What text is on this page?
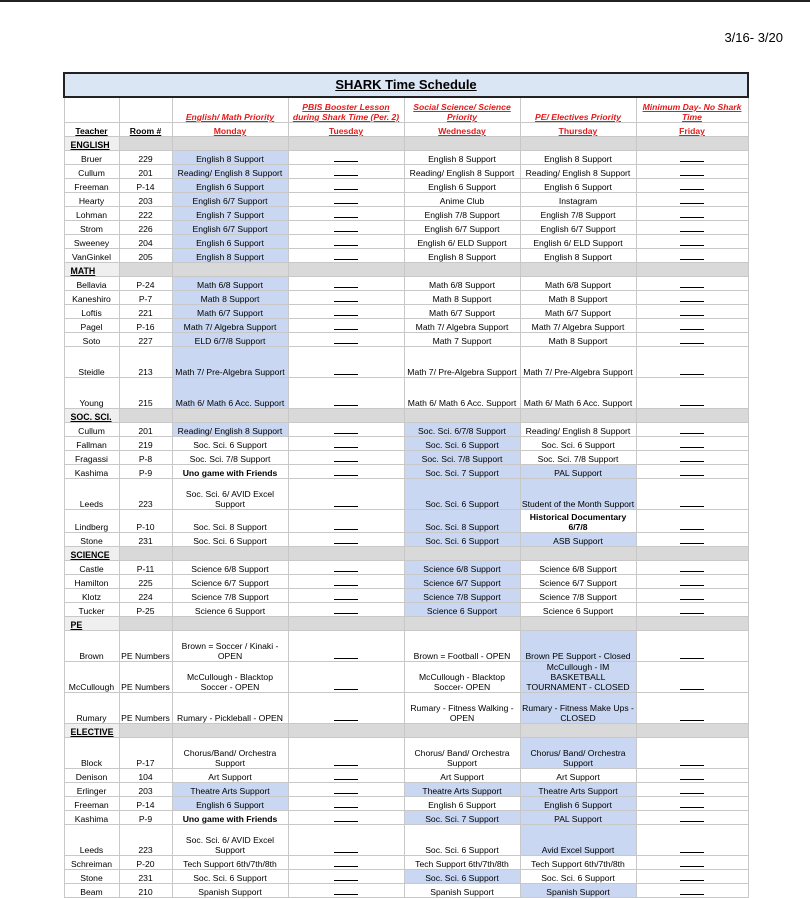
3/16- 3/20
SHARK Time Schedule						
		English/ Math Priority	PBIS Booster Lesson during Shark Time (Per. 2)	Social Science/ Science Priority	PE/ Electives Priority	Minimum Day- No Shark Time
Teacher	Room #	Monday	Tuesday	Wednesday	Thursday	Friday
ENGLISH						
Bruer	229	English 8 Support		English 8 Support	English 8 Support	
Cullum	201	Reading/ English 8 Support		Reading/ English 8 Support	Reading/ English 8 Support	
Freeman	P-14	English 6 Support		English 6 Support	English 6 Support	
Hearty	203	English 6/7 Support		Anime Club	Instagram	
Lohman	222	English 7 Support		English 7/8 Support	English 7/8 Support	
Strom	226	English 6/7 Support		English 6/7 Support	English 6/7 Support	
Sweeney	204	English 6 Support		English 6/ ELD Support	English 6/ ELD Support	
VanGinkel	205	English 8 Support		English 8 Support	English 8 Support	
MATH						
Bellavia	P-24	Math 6/8 Support		Math 6/8 Support	Math 6/8 Support	
Kaneshiro	P-7	Math 8 Support		Math 8 Support	Math 8 Support	
Loftis	221	Math 6/7 Support		Math 6/7 Support	Math 6/7 Support	
Pagel	P-16	Math 7/ Algebra Support		Math 7/ Algebra Support	Math 7/ Algebra Support	
Soto	227	ELD 6/7/8 Support		Math 7 Support	Math 8 Support	
Steidle	213	Math 7/ Pre-Algebra Support		Math 7/ Pre-Algebra Support	Math 7/ Pre-Algebra Support	
Young	215	Math 6/ Math 6 Acc. Support		Math 6/ Math 6 Acc. Support	Math 6/ Math 6 Acc. Support	
SOC. SCI.						
Cullum	201	Reading/ English 8 Support		Soc. Sci. 6/7/8 Support	Reading/ English 8 Support	
Fallman	219	Soc. Sci. 6 Support		Soc. Sci. 6 Support	Soc. Sci. 6 Support	
Fragassi	P-8	Soc. Sci. 7/8 Support		Soc. Sci. 7/8 Support	Soc. Sci. 7/8 Support	
Kashima	P-9	Uno game with Friends		Soc. Sci. 7 Support	PAL Support	
Leeds	223	Soc. Sci. 6/ AVID Excel Support		Soc. Sci. 6 Support	Student of the Month Support	
Lindberg	P-10	Soc. Sci. 8 Support		Soc. Sci. 8 Support	Historical Documentary 6/7/8	
Stone	231	Soc. Sci. 6 Support		Soc. Sci. 6 Support	ASB Support	
SCIENCE						
Castle	P-11	Science 6/8 Support		Science 6/8 Support	Science 6/8 Support	
Hamilton	225	Science 6/7 Support		Science 6/7 Support	Science 6/7 Support	
Klotz	224	Science 7/8 Support		Science 7/8 Support	Science 7/8 Support	
Tucker	P-25	Science 6 Support		Science 6 Support	Science 6 Support	
PE						
Brown	PE Numbers	Brown = Soccer / Kinaki - OPEN		Brown = Football - OPEN	Brown PE Support - Closed	
McCullough	PE Numbers	McCullough - Blacktop Soccer - OPEN		McCullough - Blacktop Soccer- OPEN	McCullough - IM BASKETBALL TOURNAMENT - CLOSED	
Rumary	PE Numbers	Rumary - Pickleball - OPEN		Rumary - Fitness Walking - OPEN	Rumary - Fitness Make Ups - CLOSED	
ELECTIVE						
Block	P-17	Chorus/Band/ Orchestra Support		Chorus/ Band/ Orchestra Support	Chorus/ Band/ Orchestra Support	
Denison	104	Art Support		Art Support	Art Support	
Erlinger	203	Theatre Arts Support		Theatre Arts Support	Theatre Arts Support	
Freeman	P-14	English 6 Support		English 6 Support	English 6 Support	
Kashima	P-9	Uno game with Friends		Soc. Sci. 7 Support	PAL Support	
Leeds	223	Soc. Sci. 6/ AVID Excel Support		Soc. Sci. 6 Support	Avid Excel Support	
Schreiman	P-20	Tech Support 6th/7th/8th		Tech Support 6th/7th/8th	Tech Support 6th/7th/8th	
Stone	231	Soc. Sci. 6 Support		Soc. Sci. 6 Support	Soc. Sci. 6 Support	
Beam	210	Spanish Support		Spanish Support	Spanish Support	
